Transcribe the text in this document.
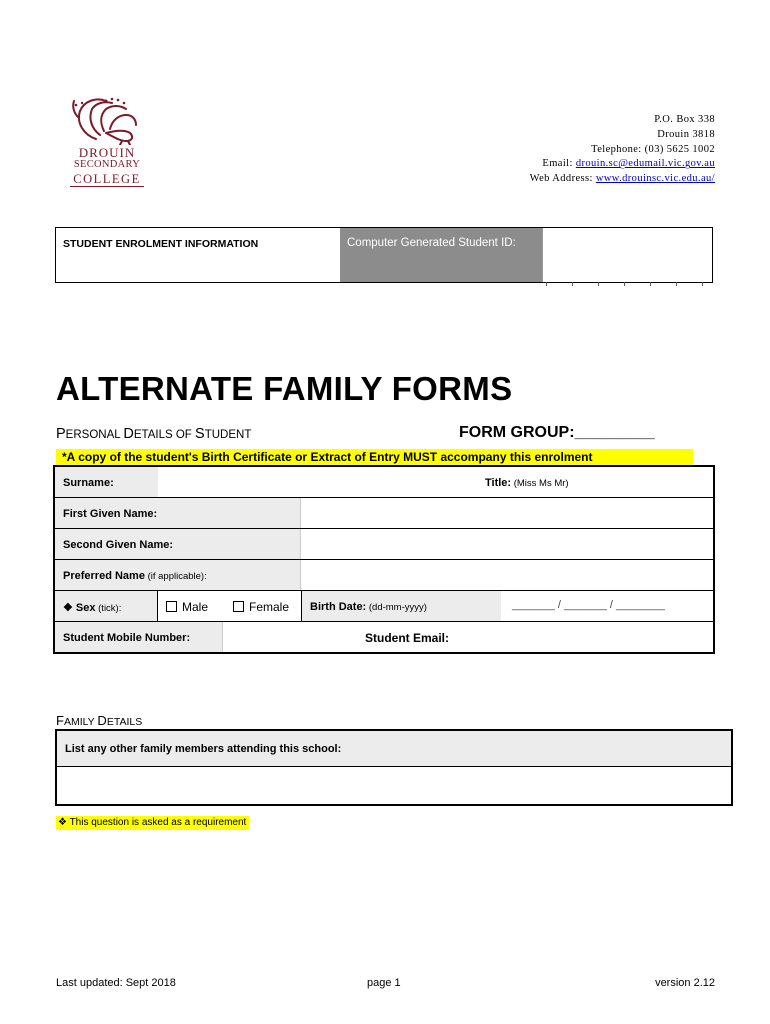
DROUIN
SECONDARY
COLLEGE
P.O. Box 338
Drouin 3818
Telephone: (03) 5625 1002
Email: drouin.sc@edumail.vic.gov.au
Web Address: www.drouinsc.vic.edu.au/
STUDENT ENROLMENT INFORMATION	Computer Generated Student ID:
ALTERNATE FAMILY FORMS
PERSONAL DETAILS OF STUDENT	FORM GROUP:_________
*A copy of the student's Birth Certificate or Extract of Entry MUST accompany this enrolment
Surname:	Title: (Miss Ms Mr)
First Given Name:
Second Given Name:
Preferred Name (if applicable):
❖ Sex (tick):	Male	Female Birth Date: (dd-mm-yyyy)	_______ / _______ / ________
Student Mobile Number:	Student Email:
FAMILY DETAILS
List any other family members attending this school:
❖ This question is asked as a requirement
Last updated: Sept 2018	page 1	version 2.12
